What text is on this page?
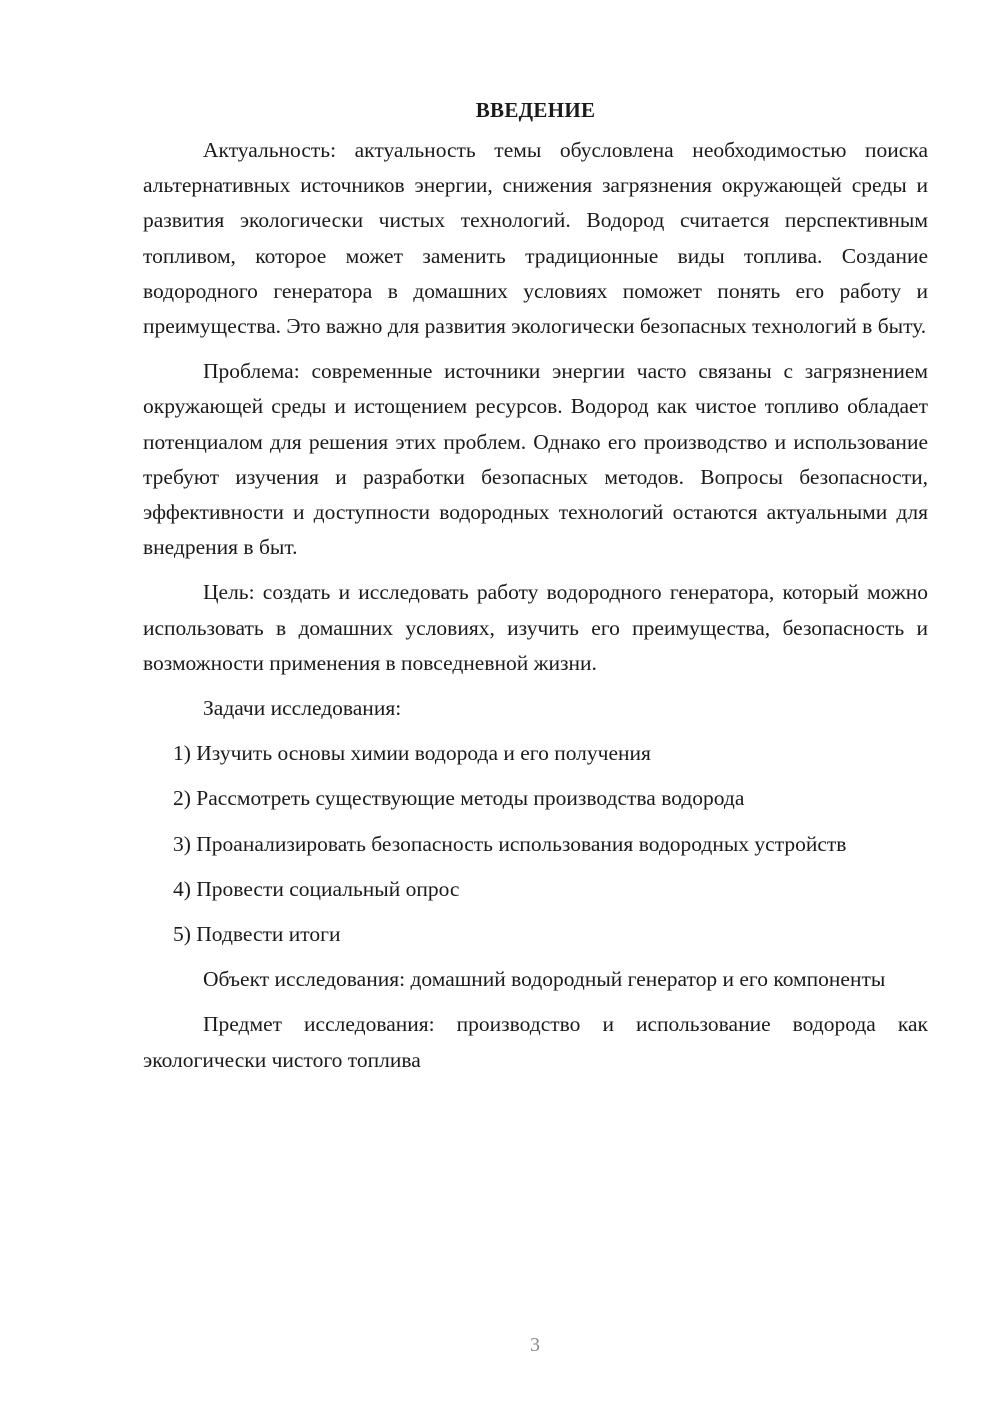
ВВЕДЕНИЕ

Актуальность: актуальность темы обусловлена необходимостью поиска альтернативных источников энергии, снижения загрязнения окружающей среды и развития экологически чистых технологий. Водород считается перспективным топливом, которое может заменить традиционные виды топлива. Создание водородного генератора в домашних условиях поможет понять его работу и преимущества. Это важно для развития экологически безопасных технологий в быту.

Проблема: современные источники энергии часто связаны с загрязнением окружающей среды и истощением ресурсов. Водород как чистое топливо обладает потенциалом для решения этих проблем. Однако его производство и использование требуют изучения и разработки безопасных методов. Вопросы безопасности, эффективности и доступности водородных технологий остаются актуальными для внедрения в быт.

Цель: создать и исследовать работу водородного генератора, который можно использовать в домашних условиях, изучить его преимущества, безопасность и возможности применения в повседневной жизни.

Задачи исследования:

1) Изучить основы химии водорода и его получения

2) Рассмотреть существующие методы производства водорода

3) Проанализировать безопасность использования водородных устройств

4) Провести социальный опрос

5) Подвести итоги

Объект исследования: домашний водородный генератор и его компоненты

Предмет исследования: производство и использование водорода как экологически чистого топлива

3
